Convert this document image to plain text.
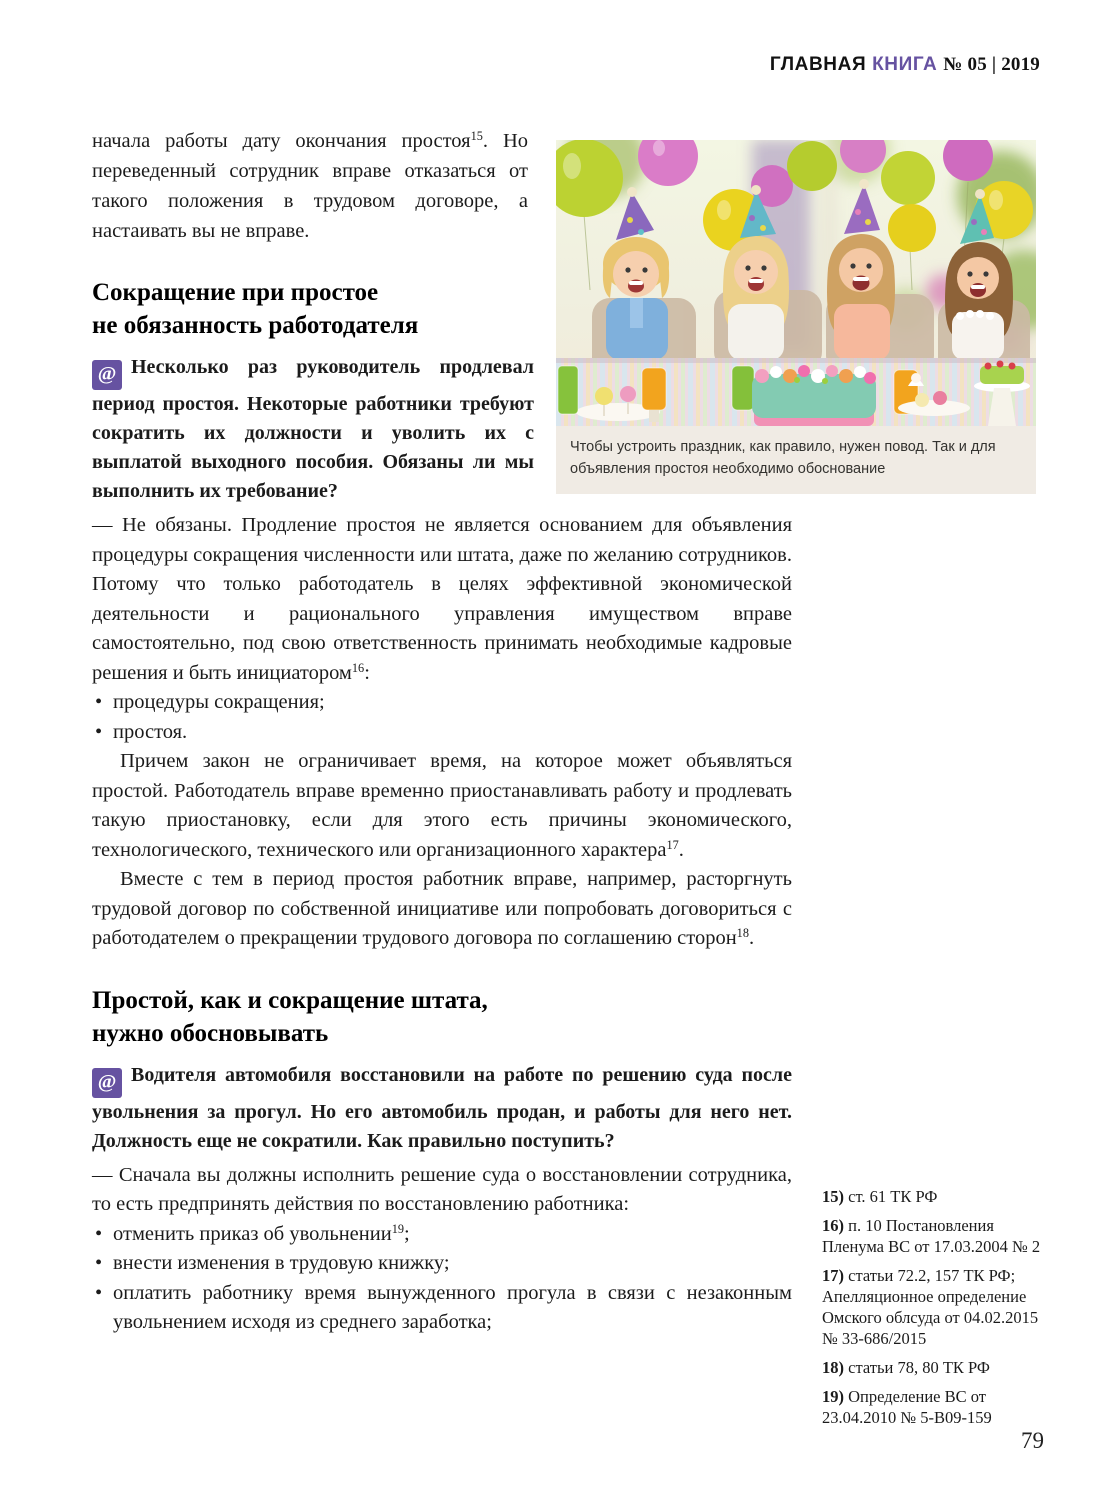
ГЛАВНАЯ КНИГА № 05 | 2019
Чтобы устроить праздник, как правило, нужен повод. Так и для объявления простоя необходимо обоснование

начала работы дату окончания простоя$^{15}$. Но переведенный сотрудник вправе отказаться от такого положения в трудовом договоре, а настаивать вы не вправе.

Сокращение при простое
не обязанность работодателя

@ Несколько раз руководитель продлевал период простоя. Некоторые работники требуют сократить их должности и уволить их с выплатой выходного пособия. Обязаны ли мы выполнить их требование?

— Не обязаны. Продление простоя не является основанием для объявления процедуры сокращения численности или штата, даже по желанию сотрудников. Потому что только работодатель в целях эффективной экономической деятельности и рационального управления имуществом вправе самостоятельно, под свою ответственность принимать необходимые кадровые решения и быть инициатором$^{16}$:

• процедуры сокращения;
• простоя.

Причем закон не ограничивает время, на которое может объявляться простой. Работодатель вправе временно приостанавливать работу и продлевать такую приостановку, если для этого есть причины экономического, технологического, технического или организационного характера$^{17}$.

Вместе с тем в период простоя работник вправе, например, расторгнуть трудовой договор по собственной инициативе или попробовать договориться с работодателем о прекращении трудового договора по соглашению сторон$^{18}$.

Простой, как и сокращение штата,
нужно обосновывать

@ Водителя автомобиля восстановили на работе по решению суда после увольнения за прогул. Но его автомобиль продан, и работы для него нет. Должность еще не сократили. Как правильно поступить?

— Сначала вы должны исполнить решение суда о восстановлении сотрудника, то есть предпринять действия по восстановлению работника:

• отменить приказ об увольнении$^{19}$;
• внести изменения в трудовую книжку;
• оплатить работнику время вынужденного прогула в связи с незаконным увольнением исходя из среднего заработка;
15) ст. 61 ТК РФ
16) п. 10 Постановления Пленума ВС от 17.03.2004 № 2
17) статьи 72.2, 157 ТК РФ; Апелляционное определение Омского облсуда от 04.02.2015 № 33-686/2015
18) статьи 78, 80 ТК РФ
19) Определение ВС от 23.04.2010 № 5-В09-159
79
